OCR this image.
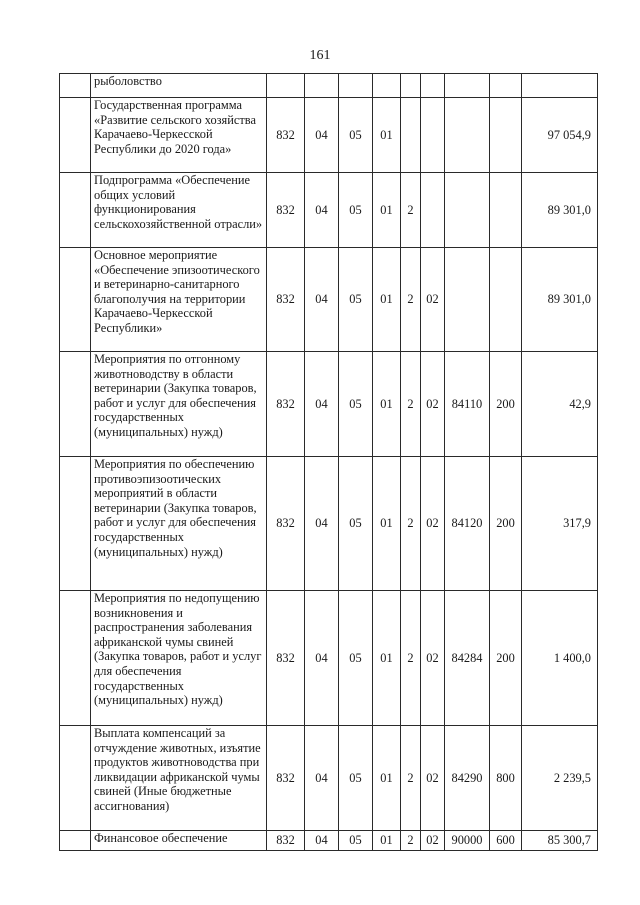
161
	рыболовство									
	Государственная программа «Развитие сельского хозяйства Карачаево-Черкесской Республики до 2020 года»	832	04	05	01					97 054,9
	Подпрограмма «Обеспечение общих условий функционирования сельскохозяйственной отрасли»	832	04	05	01	2				89 301,0
	Основное мероприятие «Обеспечение эпизоотического и ветеринарно-санитарного благополучия на территории Карачаево-Черкесской Республики»	832	04	05	01	2	02			89 301,0
	Мероприятия по отгонному животноводству в области ветеринарии (Закупка товаров, работ и услуг для обеспечения государственных (муниципальных) нужд)	832	04	05	01	2	02	84110	200	42,9
	Мероприятия по обеспечению противоэпизоотических мероприятий в области ветеринарии (Закупка товаров, работ и услуг для обеспечения государственных (муниципальных) нужд)	832	04	05	01	2	02	84120	200	317,9
	Мероприятия по недопущению возникновения и распространения заболевания африканской чумы свиней (Закупка товаров, работ и услуг для обеспечения государственных (муниципальных) нужд)	832	04	05	01	2	02	84284	200	1 400,0
	Выплата компенсаций за отчуждение животных, изъятие продуктов животноводства при ликвидации африканской чумы свиней (Иные бюджетные ассигнования)	832	04	05	01	2	02	84290	800	2 239,5
	Финансовое обеспечение	832	04	05	01	2	02	90000	600	85 300,7
